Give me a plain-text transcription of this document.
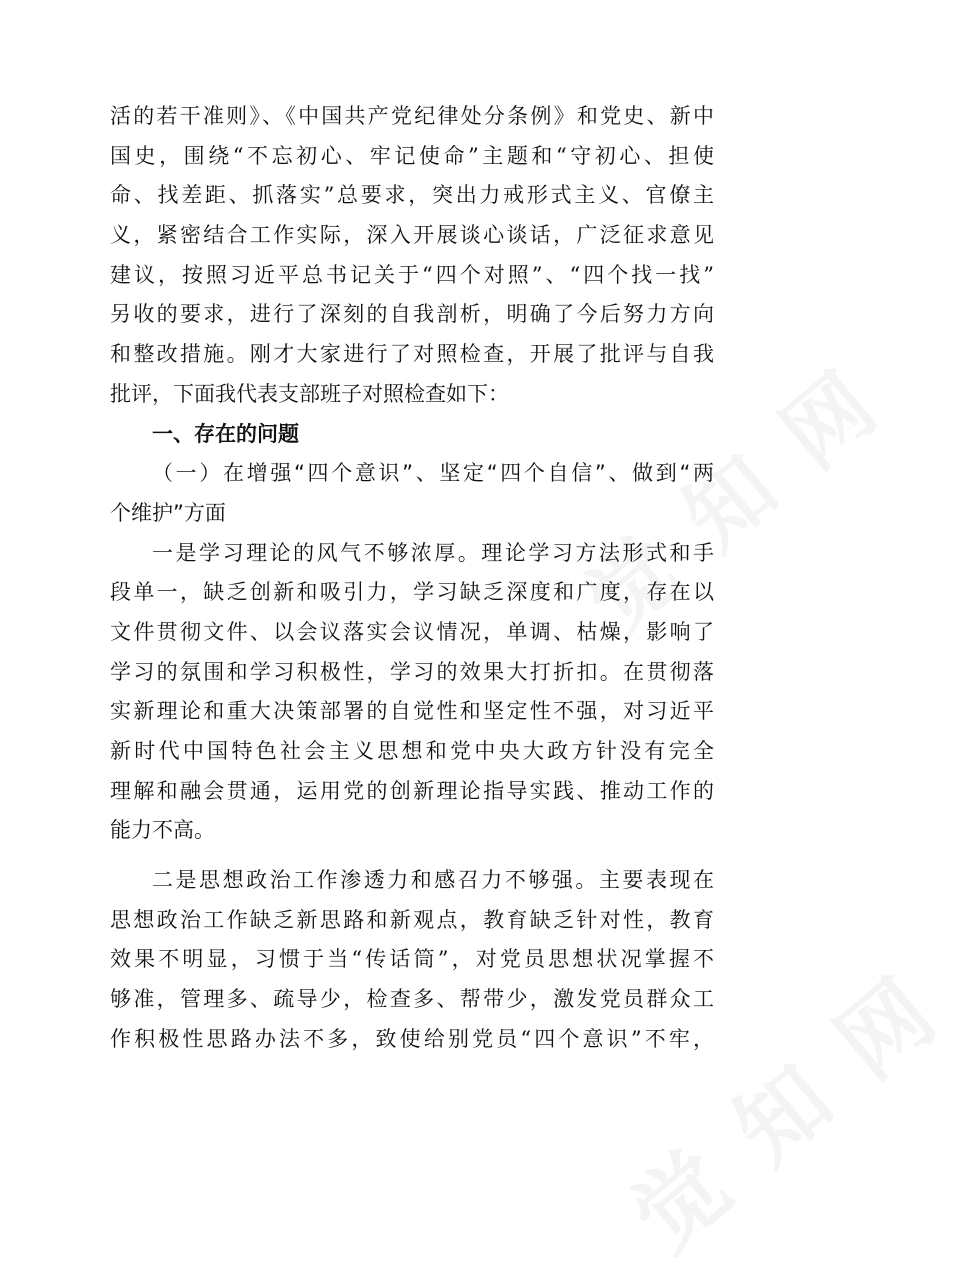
觉 知 网
觉 知 网
活的若干准则》、《中国共产党纪律处分条例》和党史、新中
国史，围绕“不忘初心、牢记使命”主题和“守初心、担使
命、找差距、抓落实”总要求，突出力戒形式主义、官僚主
义，紧密结合工作实际，深入开展谈心谈话，广泛征求意见
建议，按照习近平总书记关于“四个对照”、“四个找一找”
另收的要求，进行了深刻的自我剖析，明确了今后努力方向
和整改措施。刚才大家进行了对照检查，开展了批评与自我
批评，下面我代表支部班子对照检查如下：
一、存在的问题
（一）在增强“四个意识”、坚定“四个自信”、做到“两
个维护”方面
一是学习理论的风气不够浓厚。理论学习方法形式和手
段单一，缺乏创新和吸引力，学习缺乏深度和广度，存在以
文件贯彻文件、以会议落实会议情况，单调、枯燥，影响了
学习的氛围和学习积极性，学习的效果大打折扣。在贯彻落
实新理论和重大决策部署的自觉性和坚定性不强，对习近平
新时代中国特色社会主义思想和党中央大政方针没有完全
理解和融会贯通，运用党的创新理论指导实践、推动工作的
能力不高。
二是思想政治工作渗透力和感召力不够强。主要表现在
思想政治工作缺乏新思路和新观点，教育缺乏针对性，教育
效果不明显，习惯于当“传话筒”，对党员思想状况掌握不
够准，管理多、疏导少，检查多、帮带少，激发党员群众工
作积极性思路办法不多，致使给别党员“四个意识”不牢，
